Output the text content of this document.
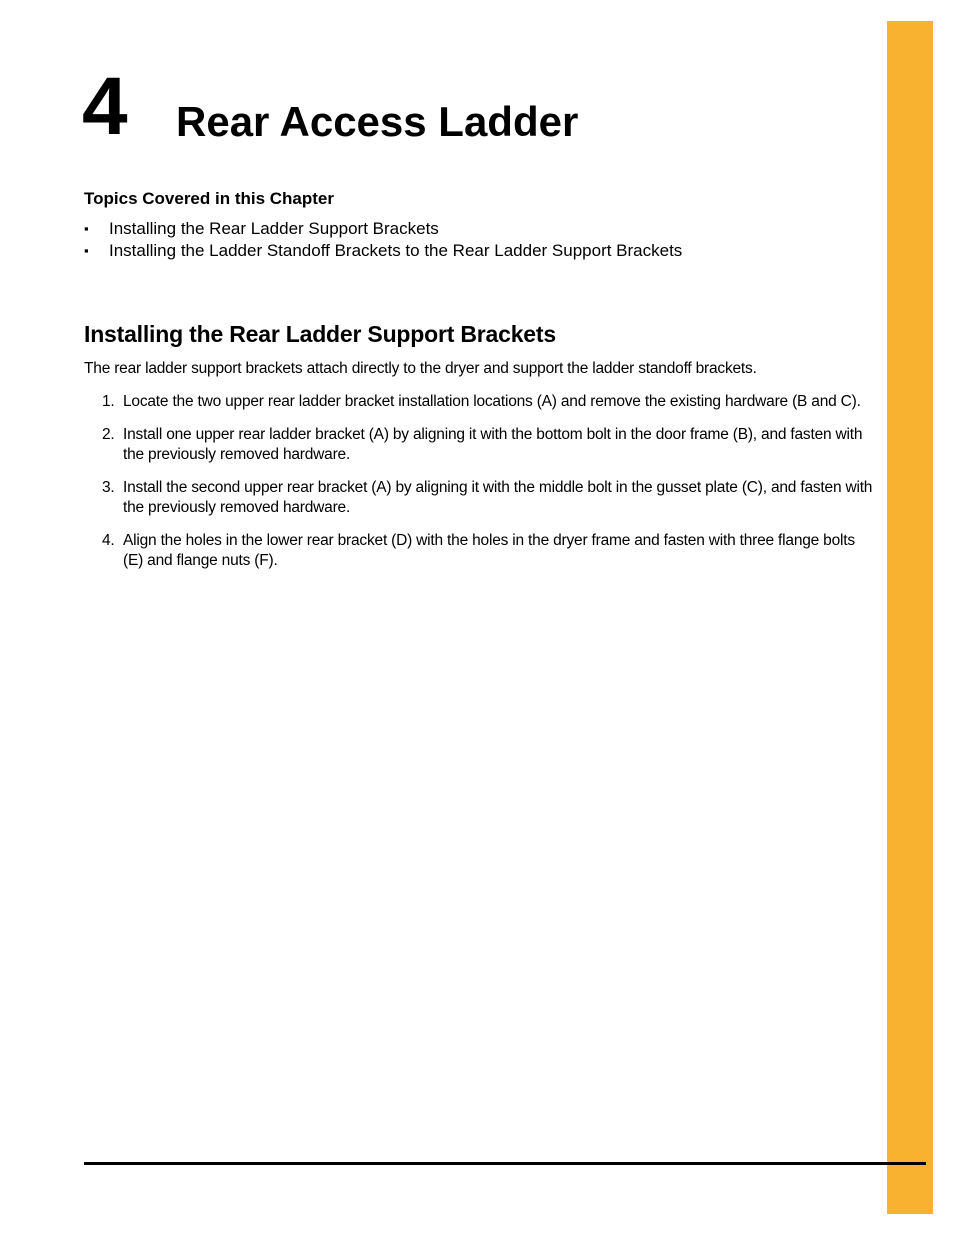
4 Rear Access Ladder
Topics Covered in this Chapter
▪ Installing the Rear Ladder Support Brackets
▪ Installing the Ladder Standoff Brackets to the Rear Ladder Support Brackets
Installing the Rear Ladder Support Brackets

The rear ladder support brackets attach directly to the dryer and support the ladder standoff brackets.

1. Locate the two upper rear ladder bracket installation locations (A) and remove the existing hardware (B and C).
2. Install one upper rear ladder bracket (A) by aligning it with the bottom bolt in the door frame (B), and fasten with the previously removed hardware.
3. Install the second upper rear bracket (A) by aligning it with the middle bolt in the gusset plate (C), and fasten with the previously removed hardware.
4. Align the holes in the lower rear bracket (D) with the holes in the dryer frame and fasten with three flange bolts (E) and flange nuts (F).
